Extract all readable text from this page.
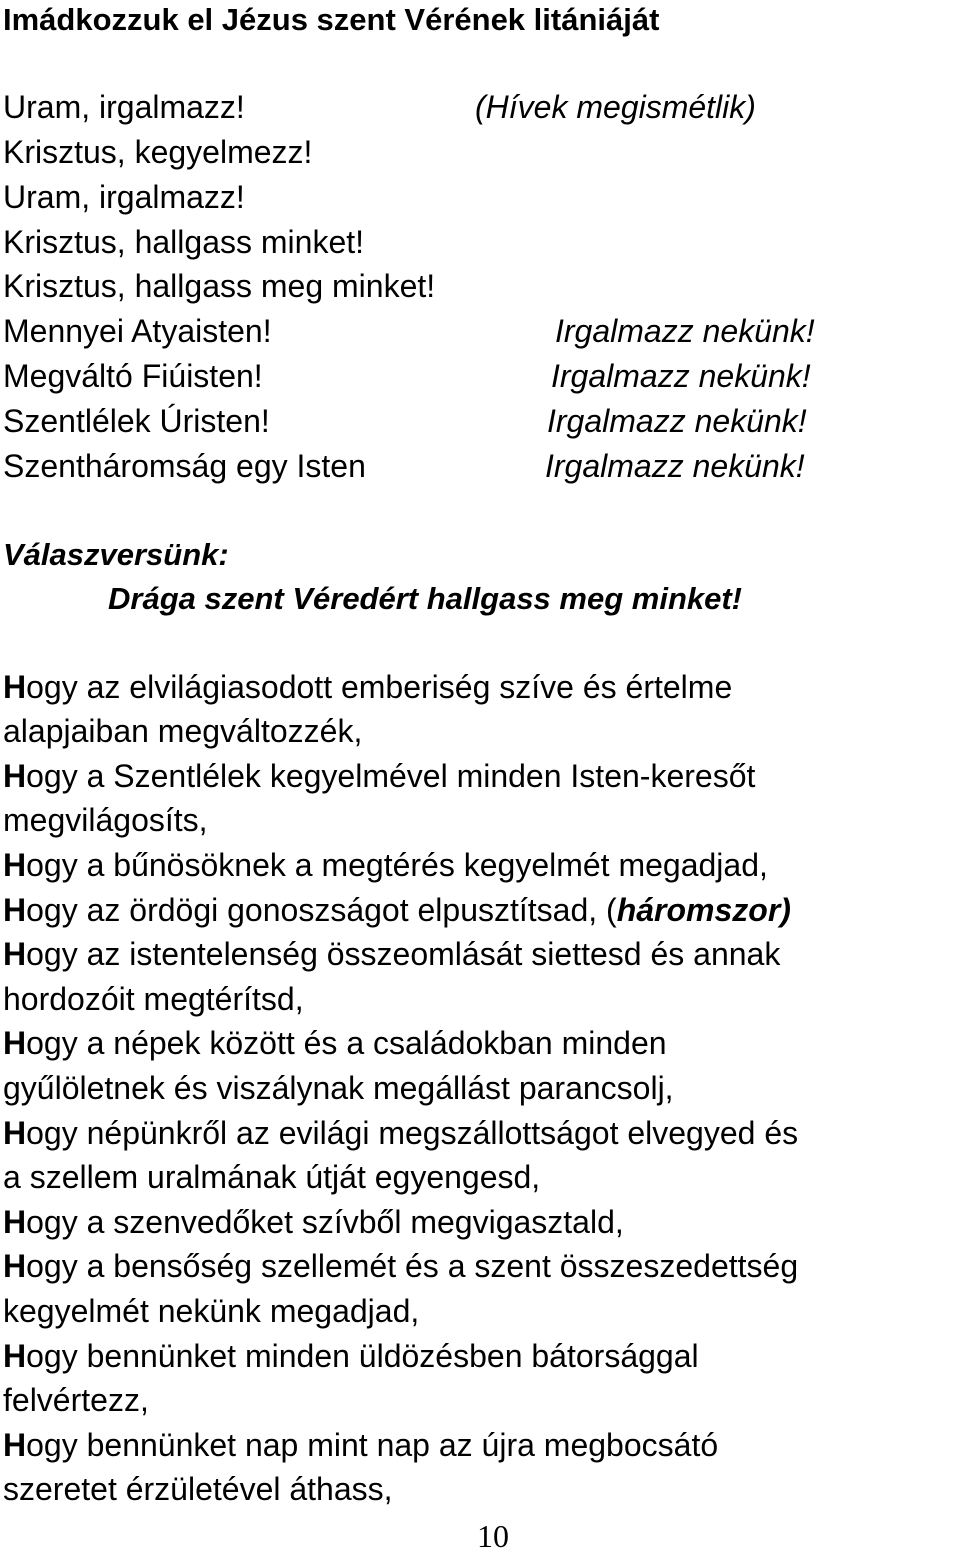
Imádkozzuk el Jézus szent Vérének litániáját
Uram, irgalmazz!	(Hívek megismétlik)
Krisztus, kegyelmezz!
Uram, irgalmazz!
Krisztus, hallgass minket!
Krisztus, hallgass meg minket!
Mennyei Atyaisten!	Irgalmazz nekünk!
Megváltó Fiúisten!	Irgalmazz nekünk!
Szentlélek Úristen!	Irgalmazz nekünk!
Szentháromság egy Isten	Irgalmazz nekünk!
Válaszversünk:
Drága szent Véredért hallgass meg minket!
Hogy az elvilágiasodott emberiség szíve és értelme
alapjaiban megváltozzék,
Hogy a Szentlélek kegyelmével minden Isten-keresőt
megvilágosíts,
Hogy a bűnösöknek a megtérés kegyelmét megadjad,
Hogy az ördögi gonoszságot elpusztítsad, (háromszor)
Hogy az istentelenség összeomlását siettesd és annak
hordozóit megtérítsd,
Hogy a népek között és a családokban minden
gyűlöletnek és viszálynak megállást parancsolj,
Hogy népünkről az evilági megszállottságot elvegyed és
a szellem uralmának útját egyengesd,
Hogy a szenvedőket szívből megvigasztald,
Hogy a bensőség szellemét és a szent összeszedettség
kegyelmét nekünk megadjad,
Hogy bennünket minden üldözésben bátorsággal
felvértezz,
Hogy bennünket nap mint nap az újra megbocsátó
szeretet érzületével áthass,
10
